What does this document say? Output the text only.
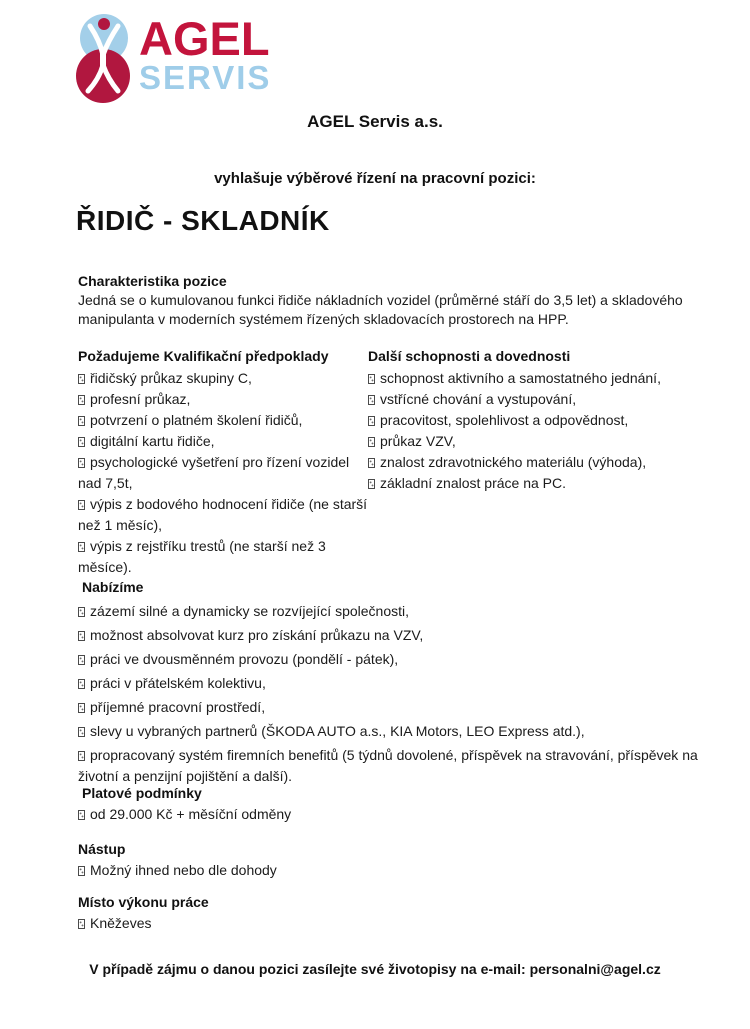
AGEL
SERVIS
AGEL Servis a.s.
vyhlašuje výběrové řízení na pracovní pozici:
ŘIDIČ - SKLADNÍK
Charakteristika pozice
Jedná se o kumulovanou funkci řidiče nákladních vozidel (průměrné stáří do 3,5 let) a skladového manipulanta v moderních systémem řízených skladovacích prostorech na HPP.
Požadujeme Kvalifikační předpoklady
řidičský průkaz skupiny C,
profesní průkaz,
potvrzení o platném školení řidičů,
digitální kartu řidiče,
psychologické vyšetření pro řízení vozidel nad 7,5t,
výpis z bodového hodnocení řidiče (ne starší než 1 měsíc),
výpis z rejstříku trestů (ne starší než 3 měsíce).
Další schopnosti a dovednosti
schopnost aktivního a samostatného jednání,
vstřícné chování a vystupování,
pracovitost, spolehlivost a odpovědnost,
průkaz VZV,
znalost zdravotnického materiálu (výhoda),
základní znalost práce na PC.
Nabízíme
zázemí silné a dynamicky se rozvíjející společnosti,
možnost absolvovat kurz pro získání průkazu na VZV,
práci ve dvousměnném provozu (pondělí - pátek),
práci v přátelském kolektivu,
příjemné pracovní prostředí,
slevy u vybraných partnerů (ŠKODA AUTO a.s., KIA Motors, LEO Express atd.),
propracovaný systém firemních benefitů (5 týdnů dovolené, příspěvek na stravování, příspěvek na životní a penzijní pojištění a další).
Platové podmínky
od 29.000 Kč + měsíční odměny
Nástup
Možný ihned nebo dle dohody
Místo výkonu práce
Kněževes
V případě zájmu o danou pozici zasílejte své životopisy na e-mail: personalni@agel.cz
